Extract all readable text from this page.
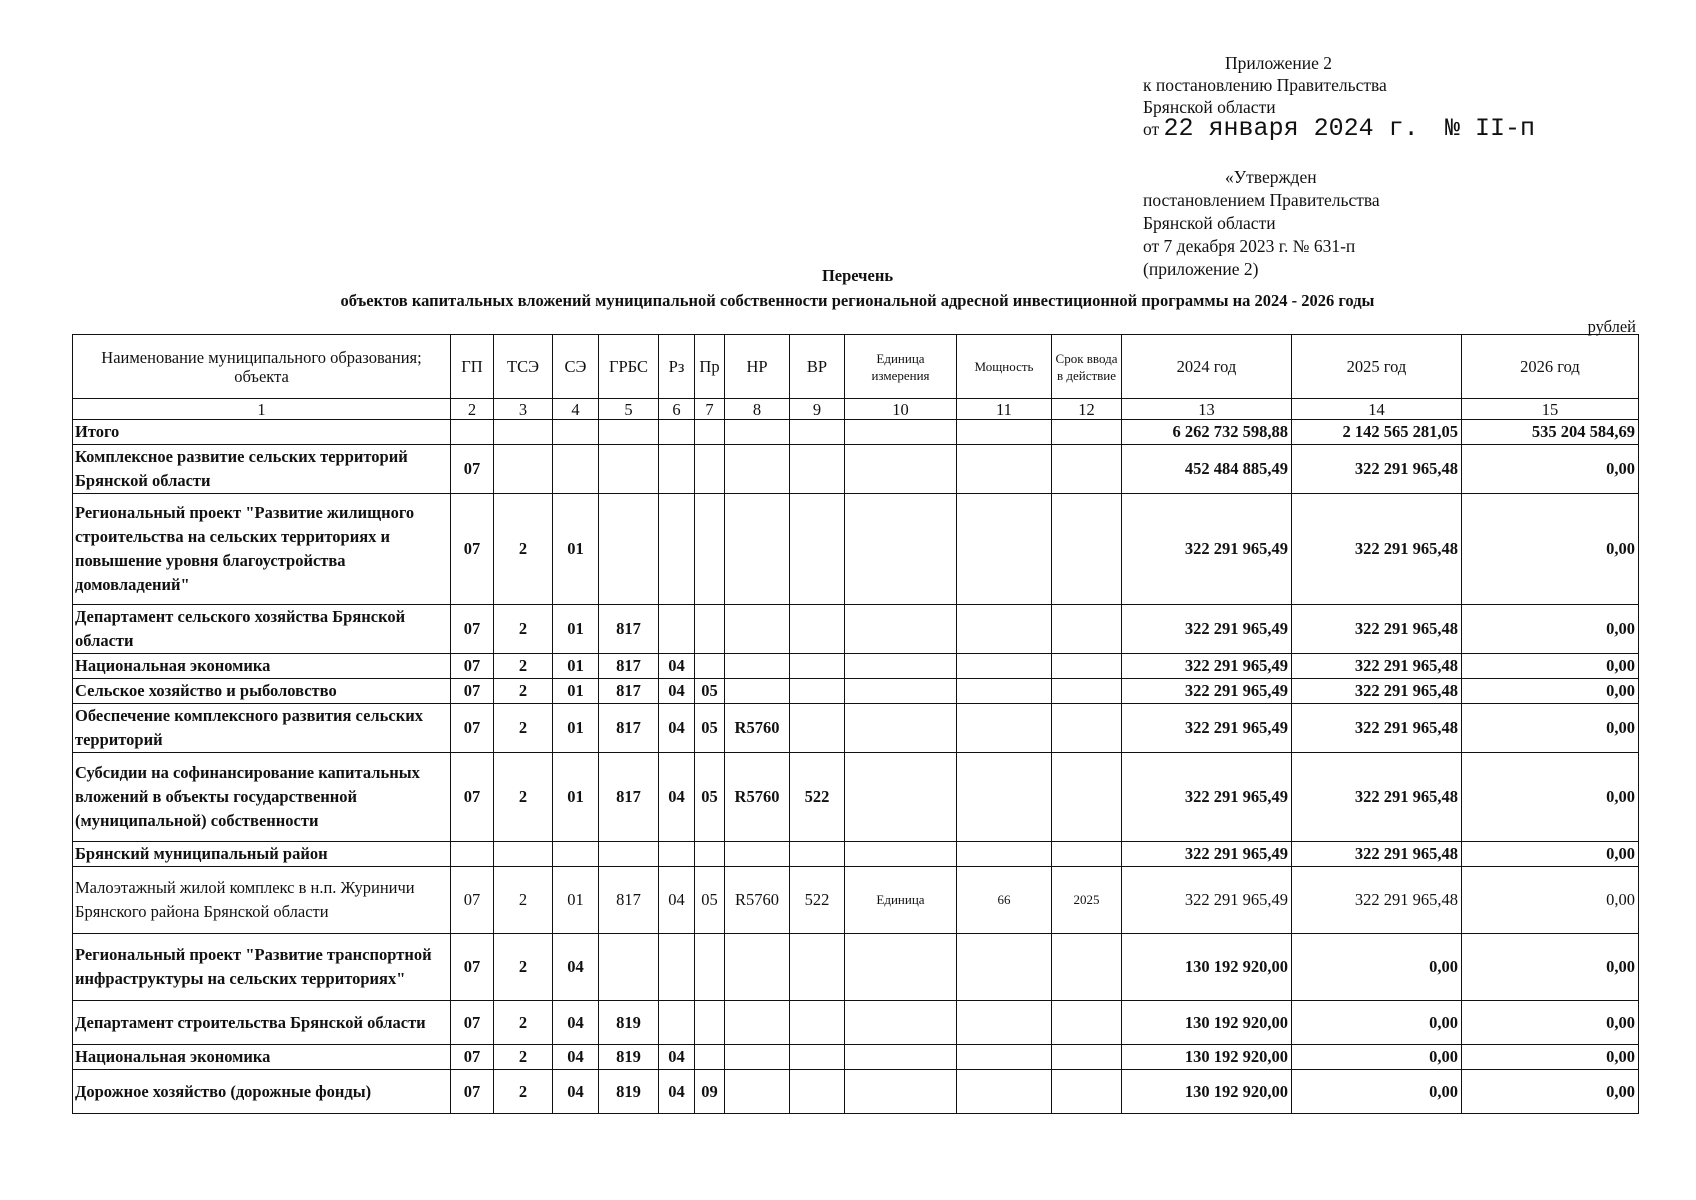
Приложение 2
к постановлению Правительства
Брянской области
от 22 января 2024 г. № II-п
«Утвержден
постановлением Правительства
Брянской области
от 7 декабря 2023 г. № 631-п
(приложение 2)
Перечень
объектов капитальных вложений муниципальной собственности региональной адресной инвестиционной программы на 2024 - 2026 годы
рублей
Наименование муниципального образования; объекта	ГП	ТСЭ	СЭ	ГРБС	Рз	Пр	НР	ВР	Единица измерения	Мощность	Срок ввода в действие	2024 год	2025 год	2026 год
1	2	3	4	5	6	7	8	9	10	11	12	13	14	15
Итого												6 262 732 598,88	2 142 565 281,05	535 204 584,69
Комплексное развитие сельских территорий Брянской области	07											452 484 885,49	322 291 965,48	0,00
Региональный проект "Развитие жилищного строительства на сельских территориях и повышение уровня благоустройства домовладений"	07	2	01									322 291 965,49	322 291 965,48	0,00
Департамент сельского хозяйства Брянской области	07	2	01	817								322 291 965,49	322 291 965,48	0,00
Национальная экономика	07	2	01	817	04							322 291 965,49	322 291 965,48	0,00
Сельское хозяйство и рыболовство	07	2	01	817	04	05						322 291 965,49	322 291 965,48	0,00
Обеспечение комплексного развития сельских территорий	07	2	01	817	04	05	R5760					322 291 965,49	322 291 965,48	0,00
Субсидии на софинансирование капитальных вложений в объекты государственной (муниципальной) собственности	07	2	01	817	04	05	R5760	522				322 291 965,49	322 291 965,48	0,00
Брянский муниципальный район												322 291 965,49	322 291 965,48	0,00
Малоэтажный жилой комплекс в н.п. Журиничи Брянского района Брянской области	07	2	01	817	04	05	R5760	522	Единица	66	2025	322 291 965,49	322 291 965,48	0,00
Региональный проект "Развитие транспортной инфраструктуры на сельских территориях"	07	2	04									130 192 920,00	0,00	0,00
Департамент строительства Брянской области	07	2	04	819								130 192 920,00	0,00	0,00
Национальная экономика	07	2	04	819	04							130 192 920,00	0,00	0,00
Дорожное хозяйство (дорожные фонды)	07	2	04	819	04	09						130 192 920,00	0,00	0,00
